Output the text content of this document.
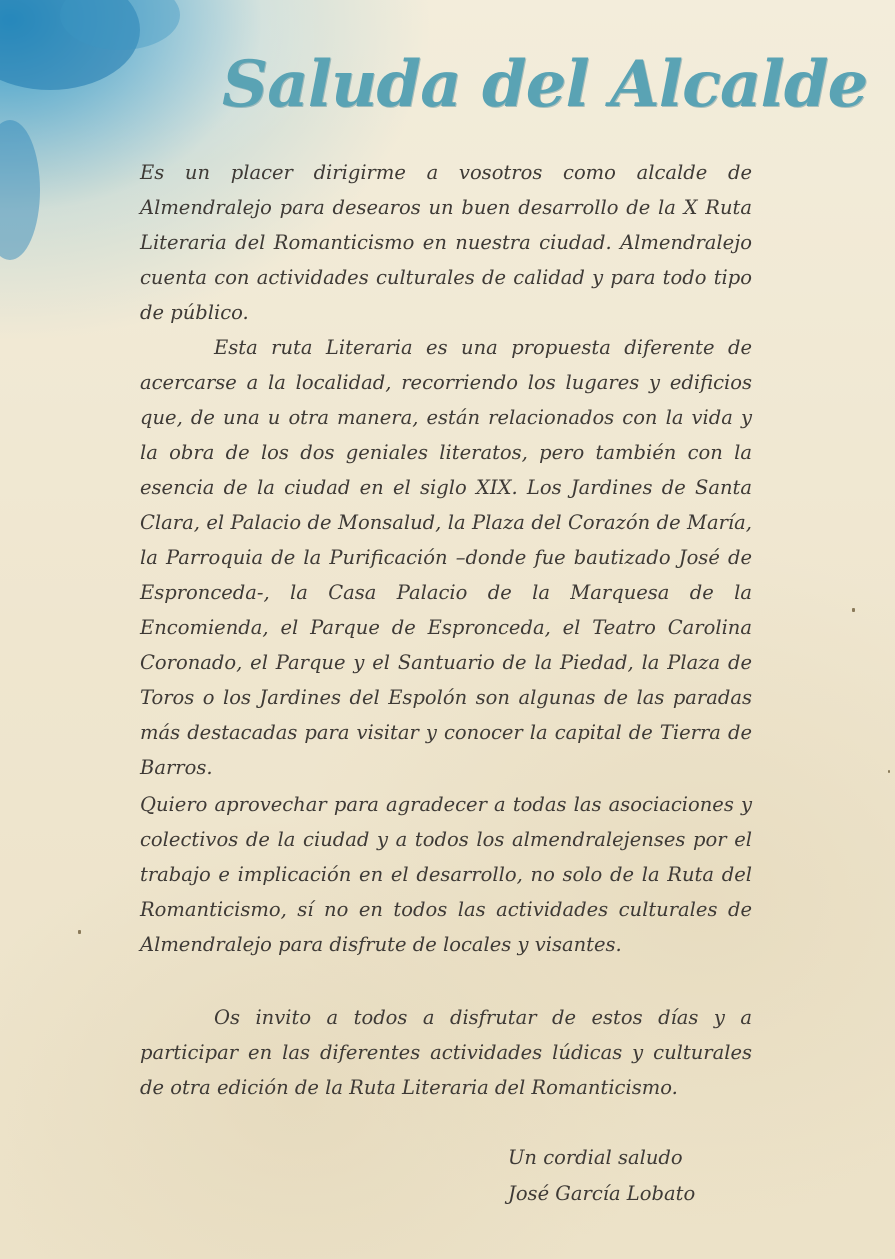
Saluda del Alcalde

Es un placer dirigirme a vosotros como alcalde de Almendralejo para desearos un buen desarrollo de la X Ruta Literaria del Romanticismo en nuestra ciudad. Almendralejo cuenta con actividades culturales de calidad y para todo tipo de público.

Esta ruta Literaria es una propuesta diferente de acercarse a la localidad, recorriendo los lugares y edificios que, de una u otra manera, están relacionados con la vida y la obra de los dos geniales literatos, pero también con la esencia de la ciudad en el siglo XIX. Los Jardines de Santa Clara, el Palacio de Monsalud, la Plaza del Corazón de María, la Parroquia de la Purificación –donde fue bautizado José de Espronceda-, la Casa Palacio de la Marquesa de la Encomienda, el Parque de Espronceda, el Teatro Carolina Coronado, el Parque y el Santuario de la Piedad, la Plaza de Toros o los Jardines del Espolón son algunas de las paradas más destacadas para visitar y conocer la capital de Tierra de Barros.

Quiero aprovechar para agradecer a todas las asociaciones y colectivos de la ciudad y a todos los almendralejenses por el trabajo e implicación en el desarrollo, no solo de la Ruta del Romanticismo, sí no en todos las actividades culturales de Almendralejo para disfrute de locales y visantes.

Os invito a todos a disfrutar de estos días y a participar en las diferentes actividades lúdicas y culturales de otra edición de la Ruta Literaria del Romanticismo.

Un cordial saludo
José García Lobato
